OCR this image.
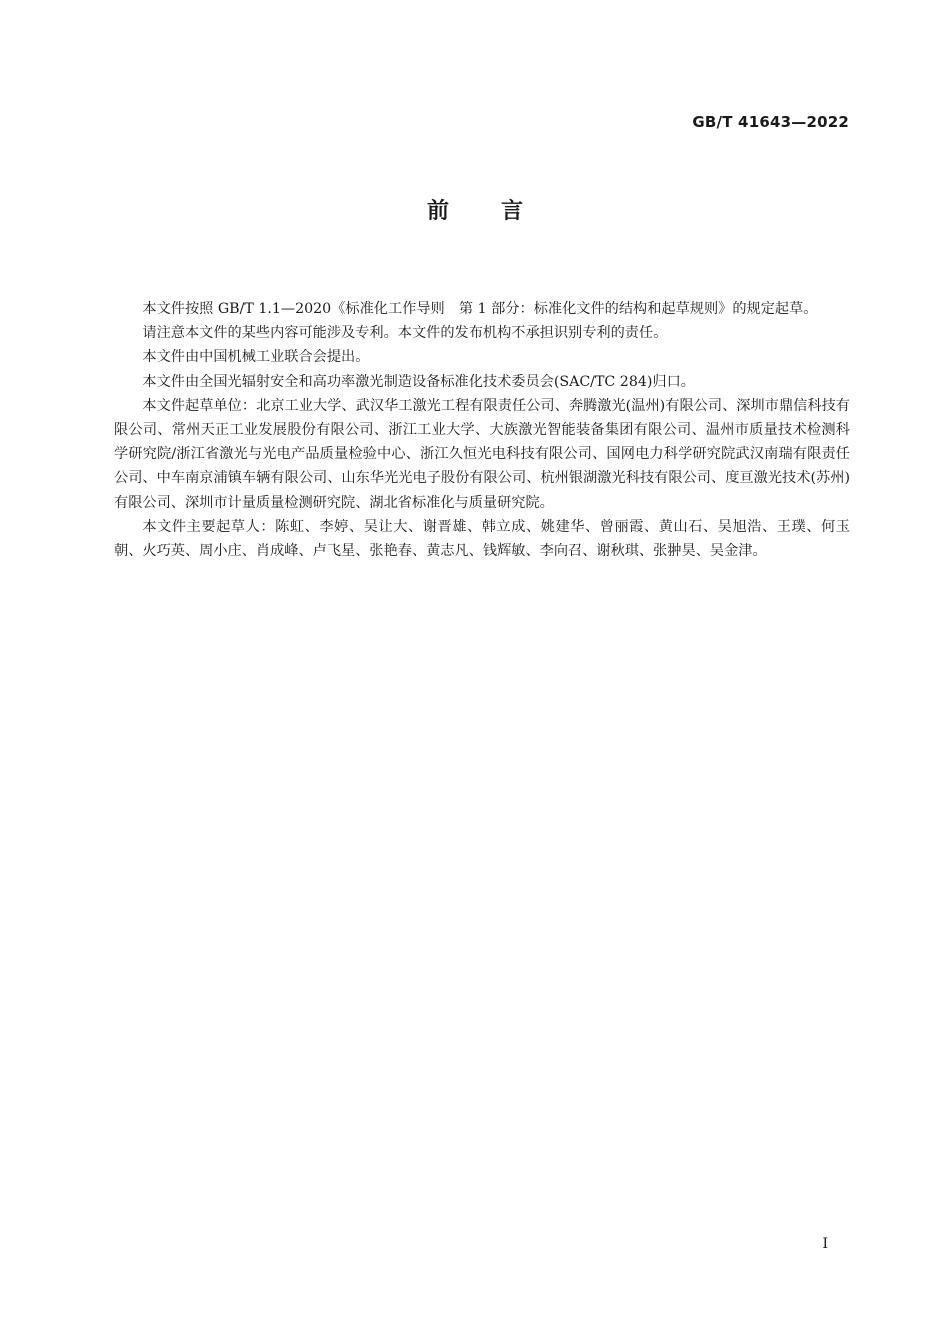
GB/T 41643—2022
前言

本文件按照 GB/T 1.1—2020《标准化工作导则　第 1 部分：标准化文件的结构和起草规则》的规定起草。

请注意本文件的某些内容可能涉及专利。本文件的发布机构不承担识别专利的责任。

本文件由中国机械工业联合会提出。

本文件由全国光辐射安全和高功率激光制造设备标准化技术委员会(SAC/TC 284)归口。

本文件起草单位：北京工业大学、武汉华工激光工程有限责任公司、奔腾激光(温州)有限公司、深圳市鼎信科技有限公司、常州天正工业发展股份有限公司、浙江工业大学、大族激光智能装备集团有限公司、温州市质量技术检测科学研究院/浙江省激光与光电产品质量检验中心、浙江久恒光电科技有限公司、国网电力科学研究院武汉南瑞有限责任公司、中车南京浦镇车辆有限公司、山东华光光电子股份有限公司、杭州银湖激光科技有限公司、度亘激光技术(苏州)有限公司、深圳市计量质量检测研究院、湖北省标准化与质量研究院。

本文件主要起草人：陈虹、李婷、吴让大、谢晋雄、韩立成、姚建华、曾丽霞、黄山石、吴旭浩、王璞、何玉朝、火巧英、周小庄、肖成峰、卢飞星、张艳春、黄志凡、钱辉敏、李向召、谢秋琪、张翀昊、吴金津。

I
